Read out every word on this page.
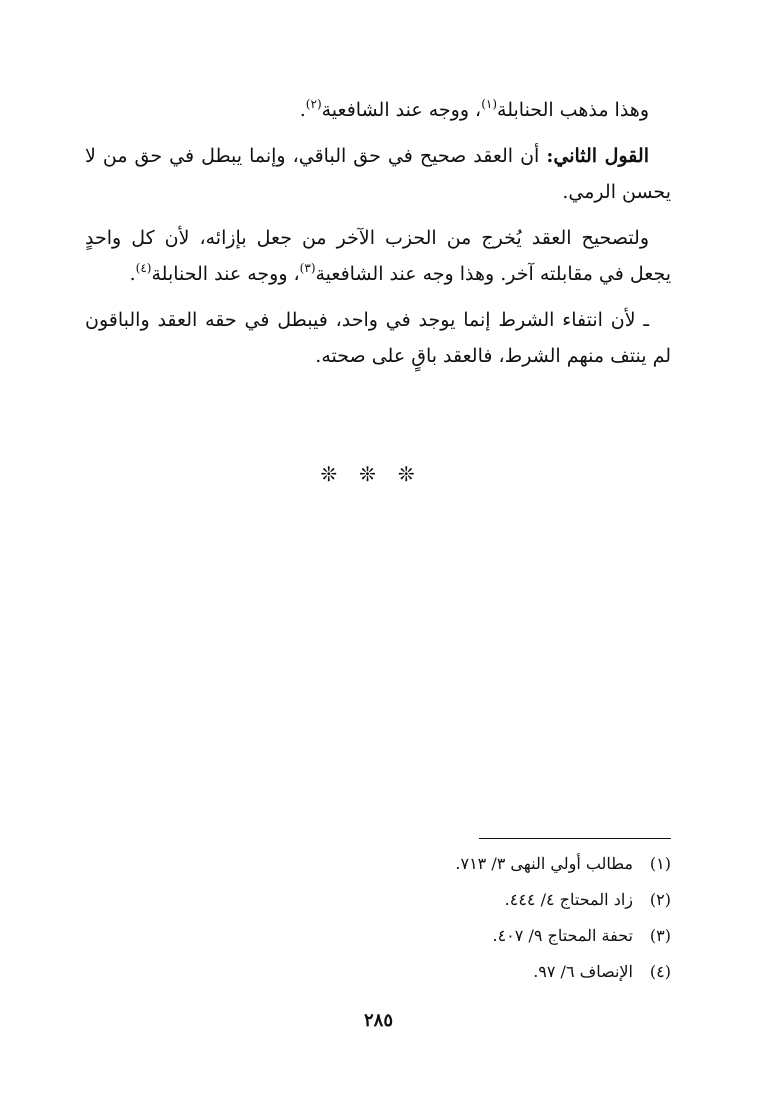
وهذا مذهب الحنابلة$^{(١)}$، ووجه عند الشافعية$^{(٢)}$.

القول الثاني: أن العقد صحيح في حق الباقي، وإنما يبطل في حق من لا يحسن الرمي.

ولتصحيح العقد يُخرج من الحزب الآخر من جعل بإزائه، لأن كل واحدٍ يجعل في مقابلته آخر. وهذا وجه عند الشافعية$^{(٣)}$، ووجه عند الحنابلة$^{(٤)}$.

ـ لأن انتفاء الشرط إنما يوجد في واحد، فيبطل في حقه العقد والباقون لم ينتف منهم الشرط، فالعقد باقٍ على صحته.

❊❊❊
(١)
مطالب أولي النهى ٣/ ٧١٣.
(٢)
زاد المحتاج ٤/ ٤٤٤.
(٣)
تحفة المحتاج ٩/ ٤٠٧.
(٤)
الإنصاف ٦/ ٩٧.
٢٨٥
